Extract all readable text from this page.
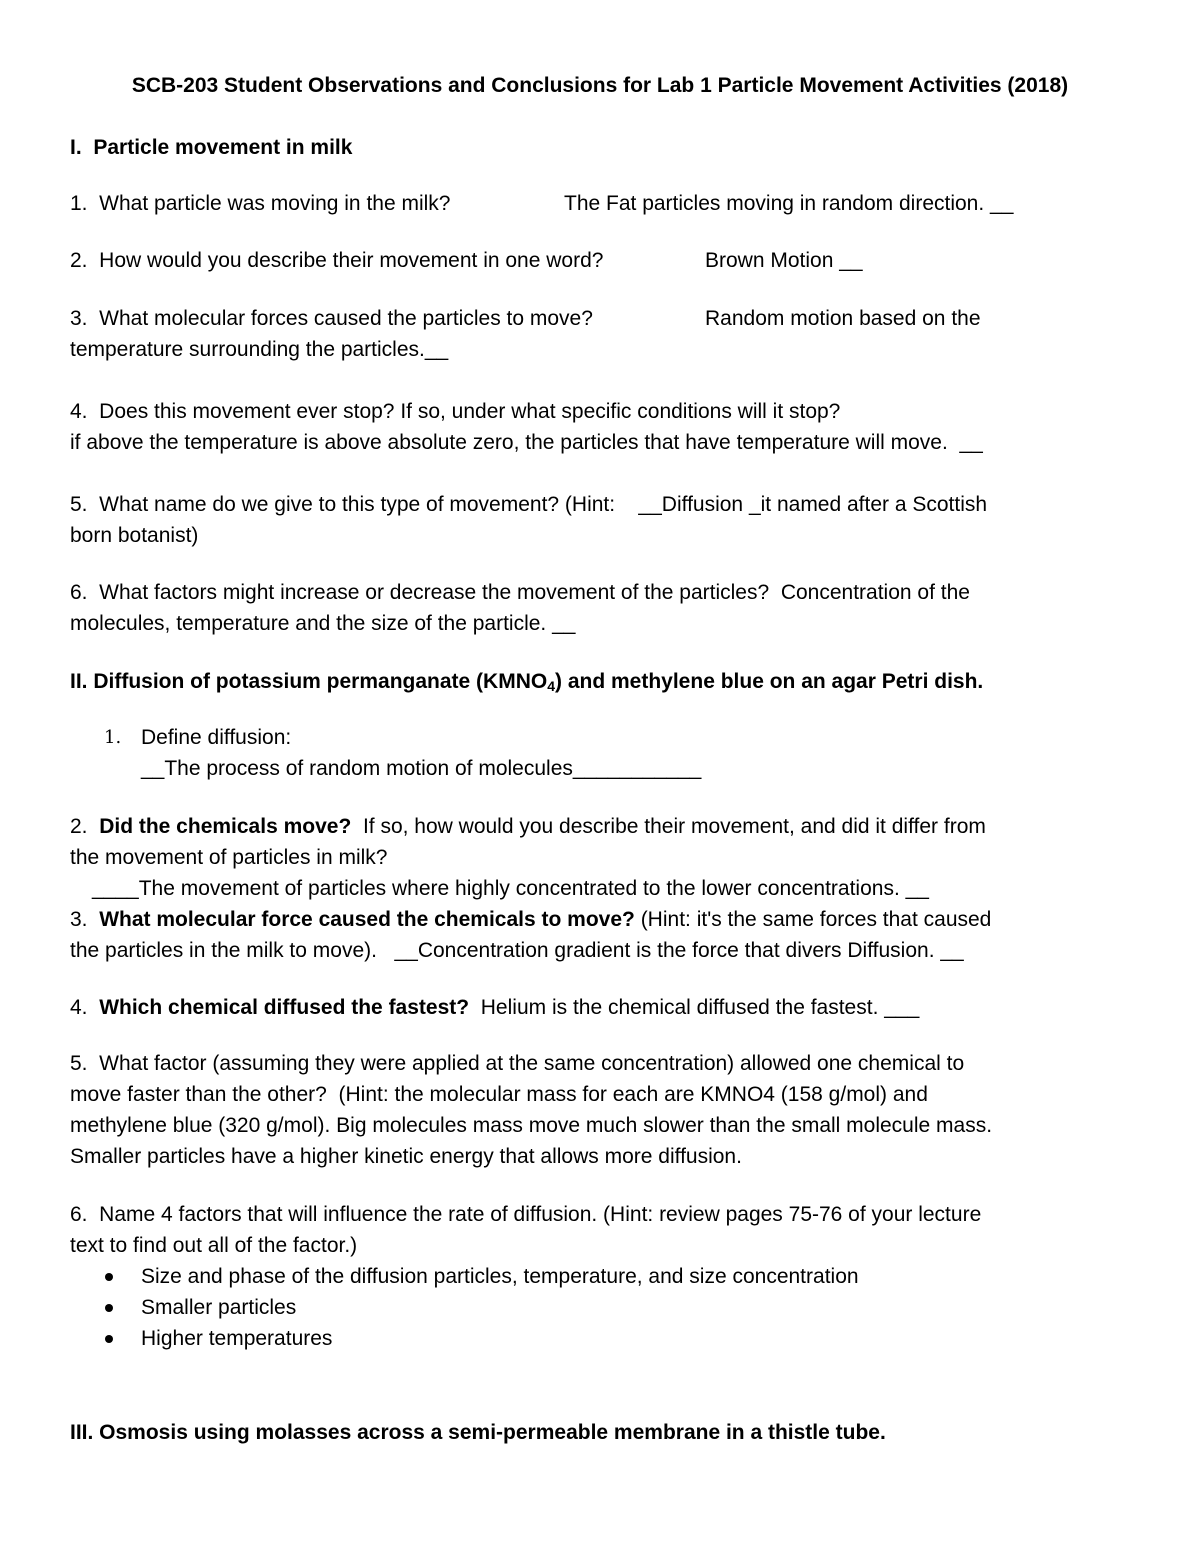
SCB-203 Student Observations and Conclusions for Lab 1 Particle Movement Activities (2018)
I.  Particle movement in milk
1.  What particle was moving in the milk?	The Fat particles moving in random direction. __
2.  How would you describe their movement in one word?	Brown Motion __
3.  What molecular forces caused the particles to move?	Random motion based on the
temperature surrounding the particles.__
4.  Does this movement ever stop? If so, under what specific conditions will it stop?
if above the temperature is above absolute zero, the particles that have temperature will move.  __
5.  What name do we give to this type of movement? (Hint:    __Diffusion _it named after a Scottish
born botanist)
6.  What factors might increase or decrease the movement of the particles?  Concentration of the
molecules, temperature and the size of the particle. __
II. Diffusion of potassium permanganate $(KMNO_4)$ and methylene blue on an agar Petri dish.
1. Define diffusion:
__The process of random motion of molecules___________
2.  Did the chemicals move?  If so, how would you describe their movement, and did it differ from
the movement of particles in milk?
____The movement of particles where highly concentrated to the lower concentrations. __
3.  What molecular force caused the chemicals to move? (Hint: it's the same forces that caused
the particles in the milk to move).   __Concentration gradient is the force that divers Diffusion. __
4.  Which chemical diffused the fastest?  Helium is the chemical diffused the fastest. ___
5.  What factor (assuming they were applied at the same concentration) allowed one chemical to
move faster than the other?  (Hint: the molecular mass for each are KMNO4 (158 g/mol) and
methylene blue (320 g/mol). Big molecules mass move much slower than the small molecule mass.
Smaller particles have a higher kinetic energy that allows more diffusion.
6.  Name 4 factors that will influence the rate of diffusion. (Hint: review pages 75-76 of your lecture
text to find out all of the factor.)
Size and phase of the diffusion particles, temperature, and size concentration
Smaller particles
Higher temperatures
III. Osmosis using molasses across a semi-permeable membrane in a thistle tube.
